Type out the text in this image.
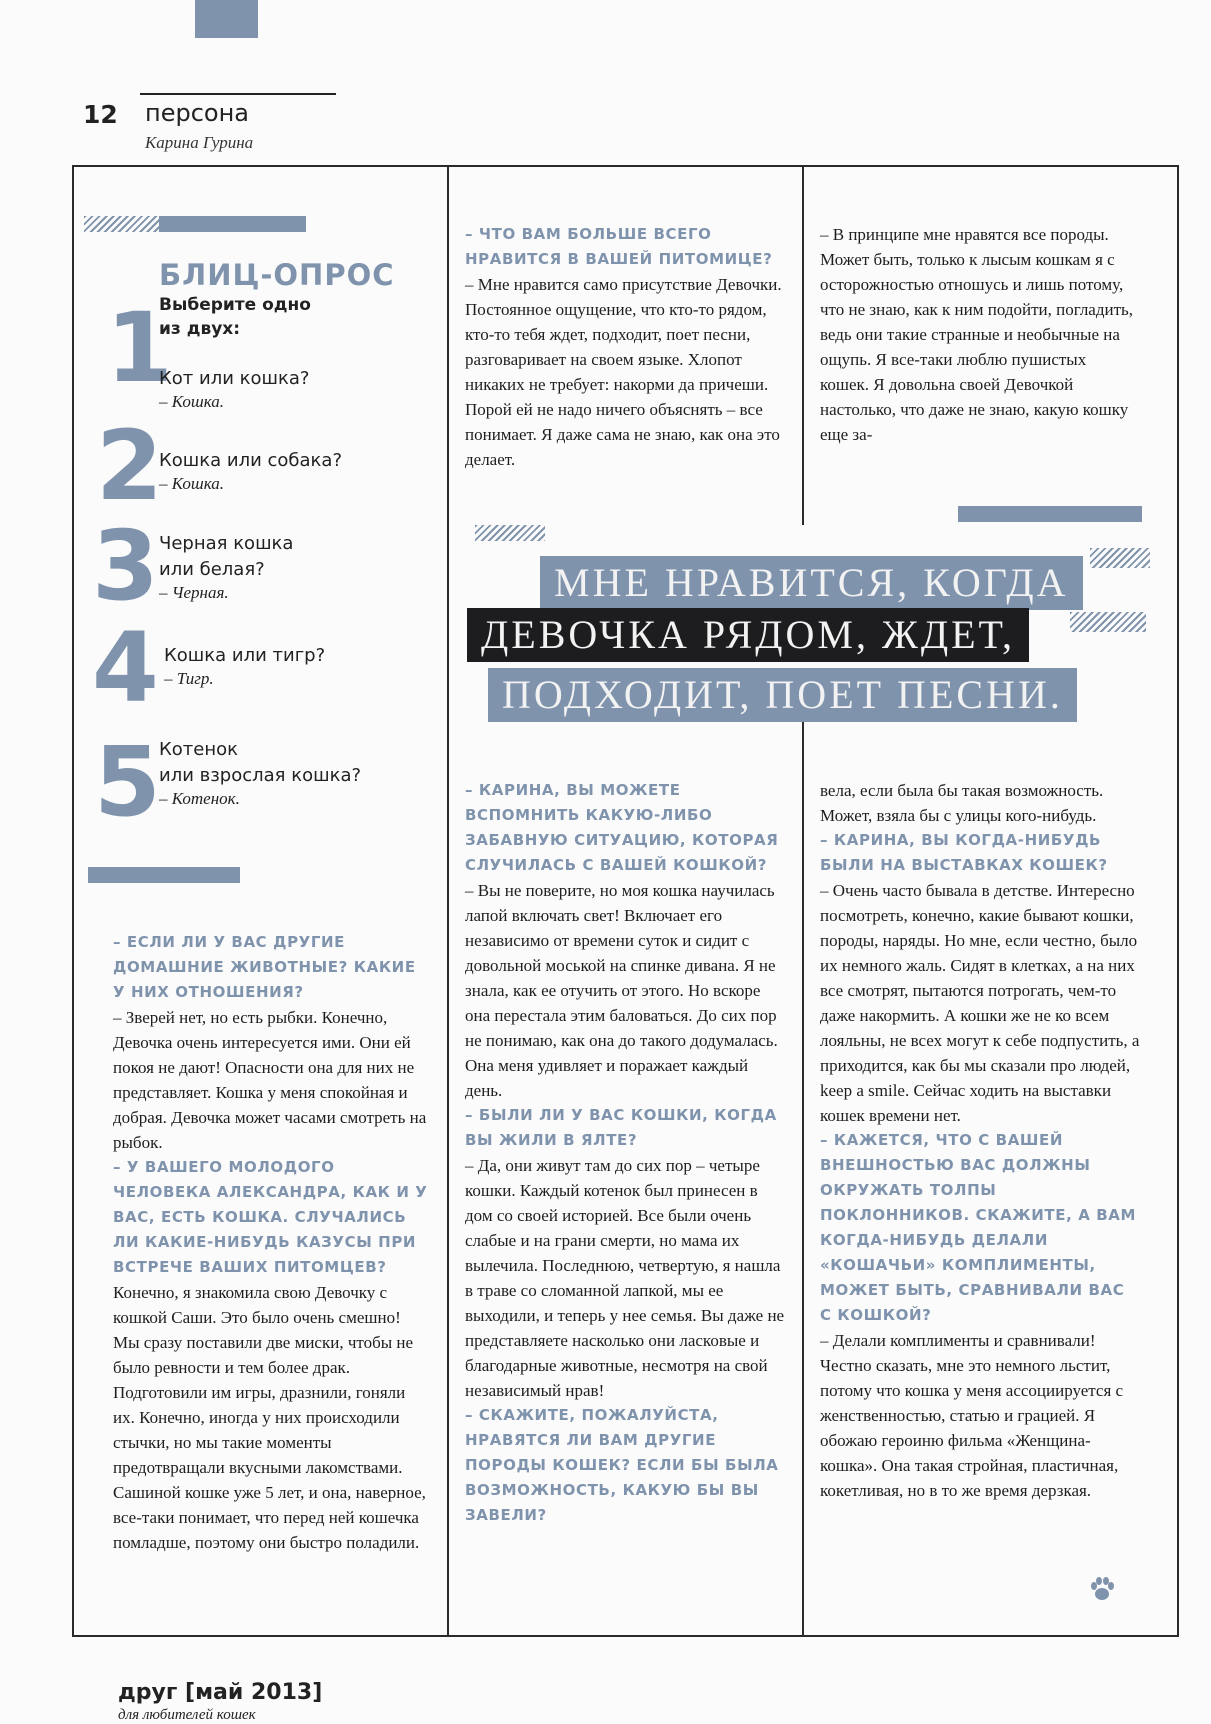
12 персона
Карина Гурина
БЛИЦ-ОПРОС
Выберите одно из двух:
1
Кот или кошка?
– Кошка.
2
Кошка или собака?
– Кошка.
3 Черная кошка
или белая?
– Черная.
4 Кошка или тигр?
– Тигр.
5
Котенок
или взрослая кошка?
– Котенок.
– ЕСЛИ ЛИ У ВАС ДРУГИЕ ДОМАШНИЕ ЖИВОТНЫЕ? КАКИЕ У НИХ ОТНОШЕНИЯ?

– Зверей нет, но есть рыбки. Конечно, Девочка очень интересуется ими. Они ей покоя не дают! Опасности она для них не представляет. Кошка у меня спокойная и добрая. Девочка может часами смотреть на рыбок.

– У ВАШЕГО МОЛОДОГО ЧЕЛОВЕКА АЛЕКСАНДРА, КАК И У ВАС, ЕСТЬ КОШКА. СЛУЧАЛИСЬ ЛИ КАКИЕ-НИБУДЬ КАЗУСЫ ПРИ ВСТРЕЧЕ ВАШИХ ПИТОМЦЕВ?

Конечно, я знакомила свою Девочку с кошкой Саши. Это было очень смешно! Мы сразу поставили две миски, чтобы не было ревности и тем более драк. Подготовили им игры, дразнили, гоняли их. Конечно, иногда у них происходили стычки, но мы такие моменты предотвращали вкусными лакомствами. Сашиной кошке уже 5 лет, и она, наверное, все-таки понимает, что перед ней кошечка помладше, поэтому они быстро поладили.

– ЧТО ВАМ БОЛЬШЕ ВСЕГО НРАВИТСЯ В ВАШЕЙ ПИТОМИЦЕ?

– Мне нравится само присутствие Девочки. Постоянное ощущение, что кто-то рядом, кто-то тебя ждет, подходит, поет песни, разговаривает на своем языке. Хлопот никаких не требует: накорми да причеши. Порой ей не надо ничего объяснять – все понимает. Я даже сама не знаю, как она это делает.

– В принципе мне нравятся все породы. Может быть, только к лысым кошкам я с осторожностью отношусь и лишь потому, что не знаю, как к ним подойти, погладить, ведь они такие странные и необычные на ощупь. Я все-таки люблю пушистых кошек. Я довольна своей Девочкой настолько, что даже не знаю, какую кошку еще за-

МНЕ НРАВИТСЯ, КОГДА
ДЕВОЧКА РЯДОМ, ЖДЕТ,
ПОДХОДИТ, ПОЕТ ПЕСНИ.
– КАРИНА, ВЫ МОЖЕТЕ ВСПОМНИТЬ КАКУЮ-ЛИБО ЗАБАВНУЮ СИТУАЦИЮ, КОТОРАЯ СЛУЧИЛАСЬ С ВАШЕЙ КОШКОЙ?

– Вы не поверите, но моя кошка научилась лапой включать свет! Включает его независимо от времени суток и сидит с довольной моськой на спинке дивана. Я не знала, как ее отучить от этого. Но вскоре она перестала этим баловаться. До сих пор не понимаю, как она до такого додумалась. Она меня удивляет и поражает каждый день.

– БЫЛИ ЛИ У ВАС КОШКИ, КОГДА ВЫ ЖИЛИ В ЯЛТЕ?

– Да, они живут там до сих пор – четыре кошки. Каждый котенок был принесен в дом со своей историей. Все были очень слабые и на грани смерти, но мама их вылечила. Последнюю, четвертую, я нашла в траве со сломанной лапкой, мы ее выходили, и теперь у нее семья. Вы даже не представляете насколько они ласковые и благодарные животные, несмотря на свой независимый нрав!

– СКАЖИТЕ, ПОЖАЛУЙСТА, НРАВЯТСЯ ЛИ ВАМ ДРУГИЕ ПОРОДЫ КОШЕК? ЕСЛИ БЫ БЫЛА ВОЗМОЖНОСТЬ, КАКУЮ БЫ ВЫ ЗАВЕЛИ?

вела, если была бы такая возможность. Может, взяла бы с улицы кого-нибудь.

– КАРИНА, ВЫ КОГДА-НИБУДЬ БЫЛИ НА ВЫСТАВКАХ КОШЕК?

– Очень часто бывала в детстве. Интересно посмотреть, конечно, какие бывают кошки, породы, наряды. Но мне, если честно, было их немного жаль. Сидят в клетках, а на них все смотрят, пытаются потрогать, чем-то даже накормить. А кошки же не ко всем лояльны, не всех могут к себе подпустить, а приходится, как бы мы сказали про людей, keep a smile. Сейчас ходить на выставки кошек времени нет.

– КАЖЕТСЯ, ЧТО С ВАШЕЙ ВНЕШНОСТЬЮ ВАС ДОЛЖНЫ ОКРУЖАТЬ ТОЛПЫ ПОКЛОННИКОВ. СКАЖИТЕ, А ВАМ КОГДА-НИБУДЬ ДЕЛАЛИ «КОШАЧЬИ» КОМПЛИМЕНТЫ, МОЖЕТ БЫТЬ, СРАВНИВАЛИ ВАС С КОШКОЙ?

– Делали комплименты и сравнивали! Честно сказать, мне это немного льстит, потому что кошка у меня ассоциируется с женственностью, статью и грацией. Я обожаю героиню фильма «Женщина-кошка». Она такая стройная, пластичная, кокетливая, но в то же время дерзкая.

друг [май 2013]
для любителей кошек
